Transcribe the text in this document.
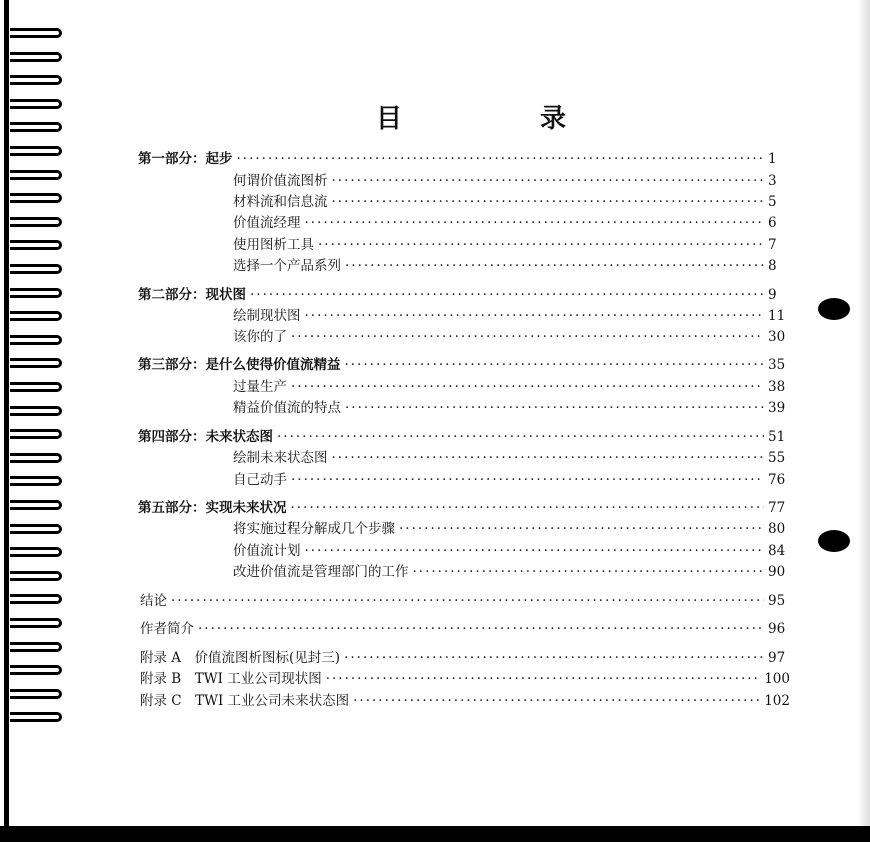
目　录
第一部分：起步 ·····	1
何谓价值流图析 ·····	3
材料流和信息流 ·····	5
价值流经理 ·····	6
使用图析工具 ·····	7
选择一个产品系列 ·····	8
第二部分：现状图 ·····	9
绘制现状图 ·····	11
该你的了 ·····	30
第三部分：是什么使得价值流精益 ·····	35
过量生产 ·····	38
精益价值流的特点 ·····	39
第四部分：未来状态图 ·····	51
绘制未来状态图 ·····	55
自己动手 ·····	76
第五部分：实现未来状况 ·····	77
将实施过程分解成几个步骤 ·····	80
价值流计划 ·····	84
改进价值流是管理部门的工作 ·····	90
结论 ·····	95
作者简介 ·····	96
附录 A　价值流图析图标(见封三) ·····	97
附录 B　TWI 工业公司现状图 ·····	100
附录 C　TWI 工业公司未来状态图 ·····	102
